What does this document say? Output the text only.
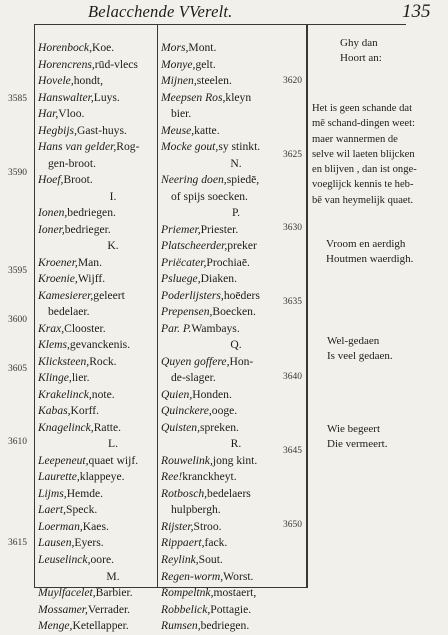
Belacchende VVerelt.	135
3585
3590
3595
3600
3605
3610
3615
3620
3625
3630
3635
3640
3645
3650
Horenbock,Koe.
Horencrens,rūd-vlecs
Hovele,hondt,
Hanswalter,Luys.
Har,Vloo.
Hegbijs,Gast-huys.
Hans van gelder,Rog-
gen-broot.
Hoef,Broot.
I.
Ionen,bedriegen.
Ioner,bedrieger.
K.
Kroener,Man.
Kroenie,Wijff.
Kamesierer,geleert
bedelaer.
Krax,Clooster.
Klems,gevanckenis.
Klicksteen,Rock.
Klinge,lier.
Krakelinck,note.
Kabas,Korff.
Knagelinck,Ratte.
L.
Leepeneut,quaet wijf.
Laurette,klappeye.
Lijms,Hemde.
Laert,Speck.
Loerman,Kaes.
Lausen,Eyers.
Leuselinck,oore.
M.
Muylfacelet,Barbier.
Mossamer,Verrader.
Menge,Ketellapper.
Mors,Mont.
Monye,gelt.
Mijnen,steelen.
Meepsen Ros,kleyn
bier.
Meuse,katte.
Mocke gout,sy stinkt.
N.
Neering doen,spiedē,
of spijs soecken.
P.
Priemer,Priester.
Platscheerder,preker
Priëcater,Prochiaē.
Psluege,Diaken.
Poderlijsters,hoēders
Prepensen,Boecken.
Par. P.Wambays.
Q.
Quyen goffere,Hon-
de-slager.
Quien,Honden.
Quinckere,ooge.
Quisten,spreken.
R.
Rouwelink,jong kint.
Ree!kranckheyt.
Rotbosch,bedelaers
hulpbergh.
Rijster,Stroo.
Rippaert,fack.
Reylink,Sout.
Regen-worm,Worst.
Rompeltnk,mostaert,
Robbelick,Pottagie.
Rumsen,bedriegen.
Ghy dan
Hoort an:
Het is geen schande dat
mē schand-dingen weet:
maer wannermen de
selve wil laeten blijcken
en blijven , dan ist onge-
voeglijck kennis te heb-
bē van heymelijk quaet.
Vroom en aerdigh
Houtmen waerdigh.
Wel-gedaen
Is veel gedaen.
Wie begeert
Die vermeert.
